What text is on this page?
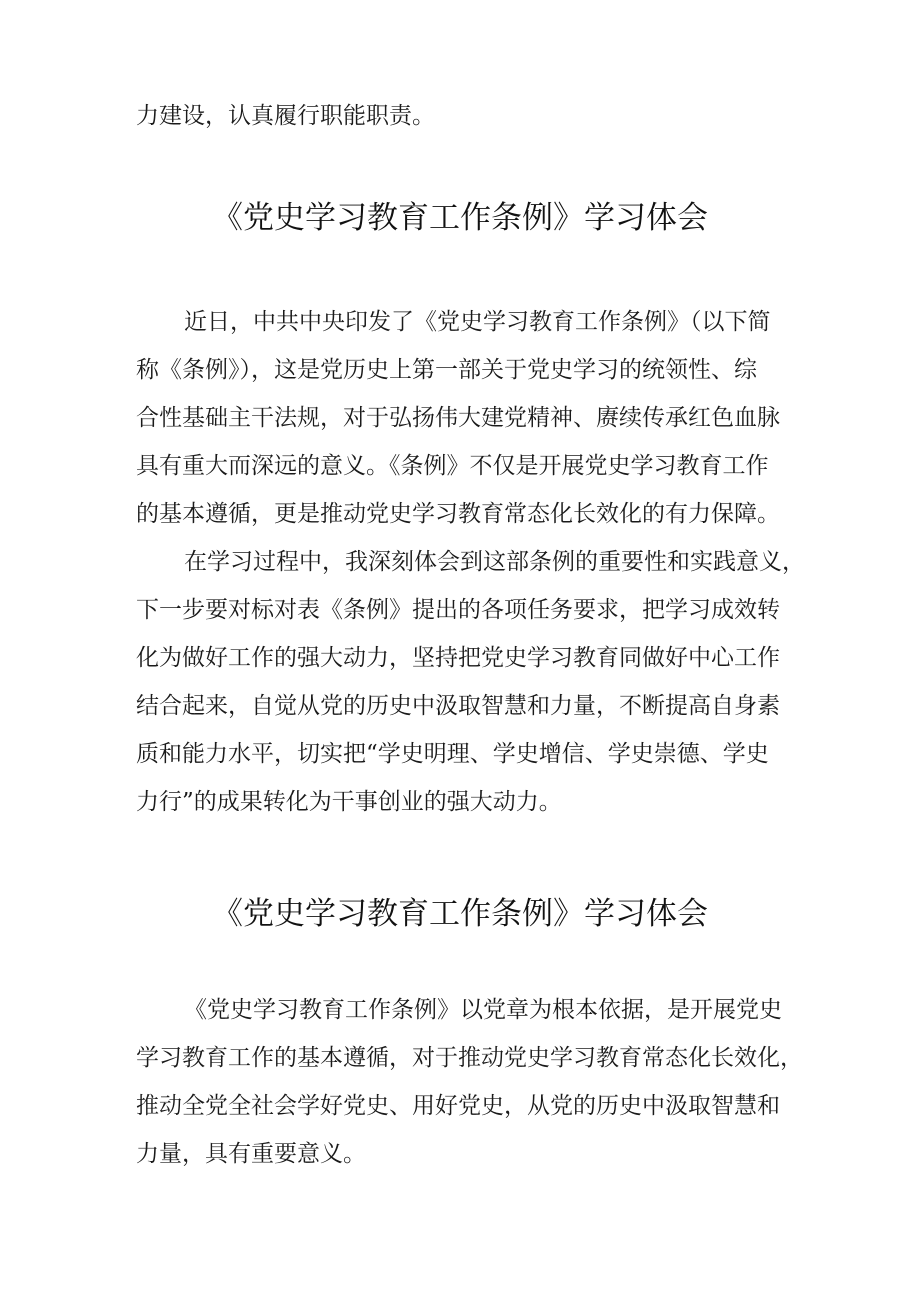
力建设，认真履行职能职责。
《党史学习教育工作条例》学习体会
近日，中共中央印发了《党史学习教育工作条例》（以下简
称《条例》），这是党历史上第一部关于党史学习的统领性、综
合性基础主干法规，对于弘扬伟大建党精神、赓续传承红色血脉
具有重大而深远的意义。《条例》不仅是开展党史学习教育工作
的基本遵循，更是推动党史学习教育常态化长效化的有力保障。
在学习过程中，我深刻体会到这部条例的重要性和实践意义，
下一步要对标对表《条例》提出的各项任务要求，把学习成效转
化为做好工作的强大动力，坚持把党史学习教育同做好中心工作
结合起来，自觉从党的历史中汲取智慧和力量，不断提高自身素
质和能力水平，切实把“学史明理、学史增信、学史崇德、学史
力行”的成果转化为干事创业的强大动力。
《党史学习教育工作条例》学习体会
《党史学习教育工作条例》以党章为根本依据，是开展党史
学习教育工作的基本遵循，对于推动党史学习教育常态化长效化，
推动全党全社会学好党史、用好党史，从党的历史中汲取智慧和
力量，具有重要意义。
